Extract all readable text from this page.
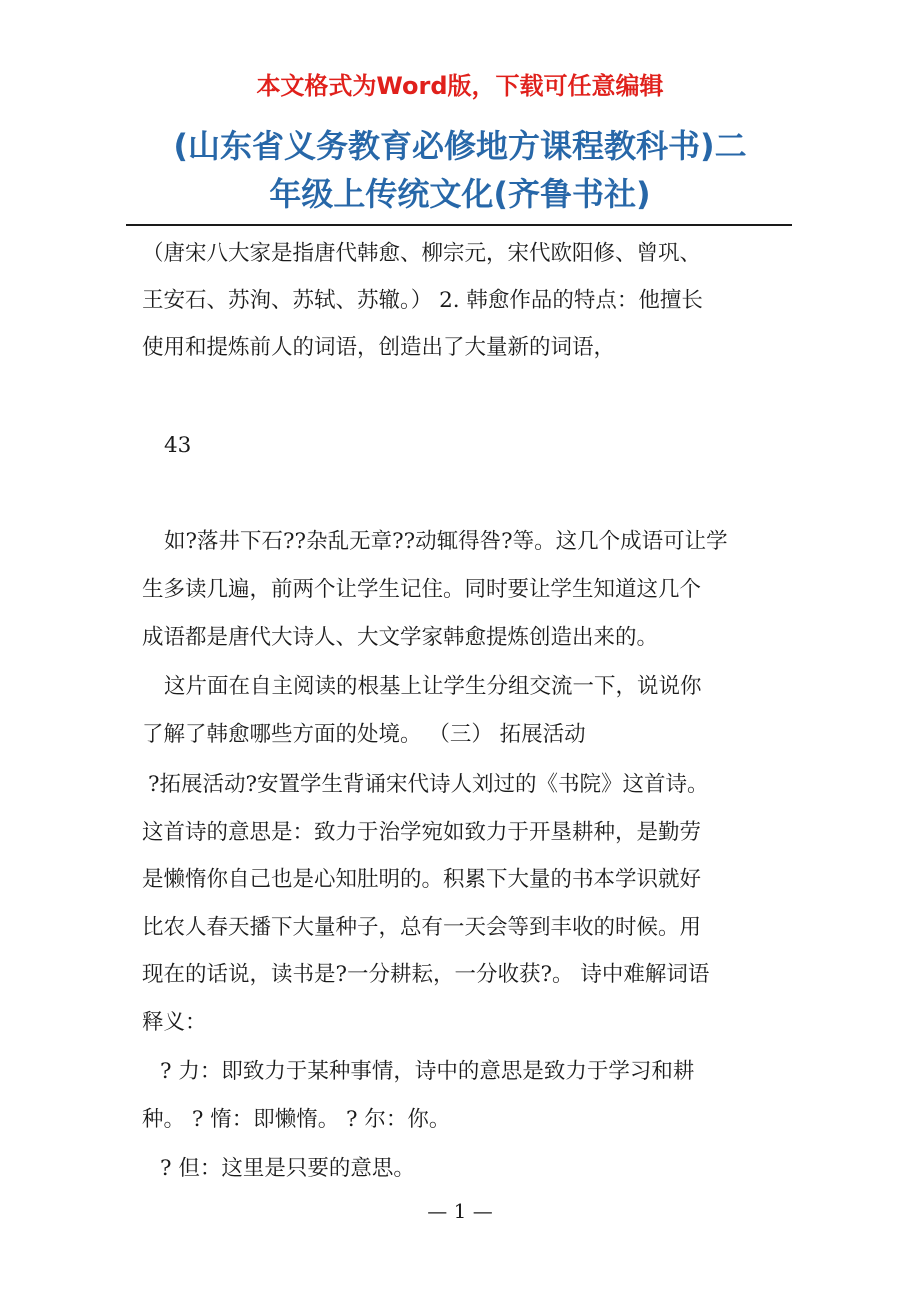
本文格式为Word版，下载可任意编辑
(山东省义务教育必修地方课程教科书)二
年级上传统文化(齐鲁书社)
（唐宋八大家是指唐代韩愈、柳宗元，宋代欧阳修、曾巩、
王安石、苏洵、苏轼、苏辙。） 2. 韩愈作品的特点：他擅长
使用和提炼前人的词语，创造出了大量新的词语，
43
如?落井下石??杂乱无章??动辄得咎?等。这几个成语可让学
生多读几遍，前两个让学生记住。同时要让学生知道这几个
成语都是唐代大诗人、大文学家韩愈提炼创造出来的。
这片面在自主阅读的根基上让学生分组交流一下，说说你
了解了韩愈哪些方面的处境。 （三） 拓展活动
?拓展活动?安置学生背诵宋代诗人刘过的《书院》这首诗。
这首诗的意思是：致力于治学宛如致力于开垦耕种，是勤劳
是懒惰你自己也是心知肚明的。积累下大量的书本学识就好
比农人春天播下大量种子，总有一天会等到丰收的时候。用
现在的话说，读书是?一分耕耘，一分收获?。 诗中难解词语
释义：
? 力：即致力于某种事情，诗中的意思是致力于学习和耕
种。 ? 惰：即懒惰。 ? 尔：你。
? 但：这里是只要的意思。
— 1 —
